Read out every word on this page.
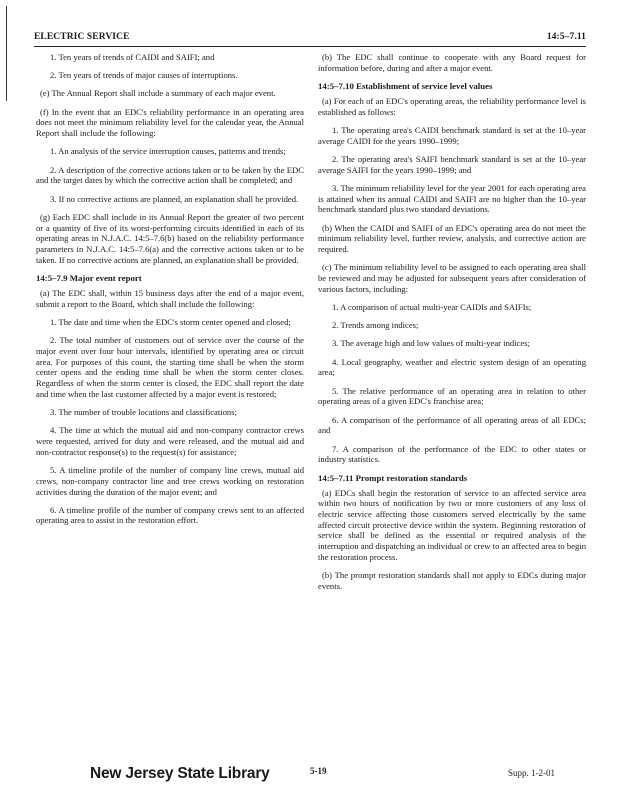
ELECTRIC SERVICE	14:5–7.11

1. Ten years of trends of CAIDI and SAIFI; and

2. Ten years of trends of major causes of interruptions.

(e) The Annual Report shall include a summary of each major event.

(f) In the event that an EDC's reliability performance in an operating area does not meet the minimum reliability level for the calendar year, the Annual Report shall include the following:

1. An analysis of the service interruption causes, patterns and trends;

2. A description of the corrective actions taken or to be taken by the EDC and the target dates by which the corrective action shall be completed; and

3. If no corrective actions are planned, an explanation shall be provided.

(g) Each EDC shall include in its Annual Report the greater of two percent or a quantity of five of its worst-performing circuits identified in each of its operating areas in N.J.A.C. 14:5–7.6(b) based on the reliability performance parameters in N.J.A.C. 14:5–7.6(a) and the corrective actions taken or to be taken. If no corrective actions are planned, an explanation shall be provided.

14:5–7.9 Major event report

(a) The EDC shall, within 15 business days after the end of a major event, submit a report to the Board, which shall include the following:

1. The date and time when the EDC's storm center opened and closed;

2. The total number of customers out of service over the course of the major event over four hour intervals, identified by operating area or circuit area. For purposes of this count, the starting time shall be when the storm center opens and the ending time shall be when the storm center closes. Regardless of when the storm center is closed, the EDC shall report the date and time when the last customer affected by a major event is restored;

3. The number of trouble locations and classifications;

4. The time at which the mutual aid and non-company contractor crews were requested, arrived for duty and were released, and the mutual aid and non-contractor response(s) to the request(s) for assistance;

5. A timeline profile of the number of company line crews, mutual aid crews, non-company contractor line and tree crews working on restoration activities during the duration of the major event; and

6. A timeline profile of the number of company crews sent to an affected operating area to assist in the restoration effort.

(b) The EDC shall continue to cooperate with any Board request for information before, during and after a major event.

14:5–7.10 Establishment of service level values

(a) For each of an EDC's operating areas, the reliability performance level is established as follows:

1. The operating area's CAIDI benchmark standard is set at the 10–year average CAIDI for the years 1990–1999;

2. The operating area's SAIFI benchmark standard is set at the 10–year average SAIFI for the years 1990–1999; and

3. The minimum reliability level for the year 2001 for each operating area is attained when its annual CAIDI and SAIFI are no higher than the 10–year benchmark standard plus two standard deviations.

(b) When the CAIDI and SAIFI of an EDC's operating area do not meet the minimum reliability level, further review, analysis, and corrective action are required.

(c) The minimum reliability level to be assigned to each operating area shall be reviewed and may be adjusted for subsequent years after consideration of various factors, including:

1. A comparison of actual multi-year CAIDIs and SAIFIs;

2. Trends among indices;

3. The average high and low values of multi-year indices;

4. Local geography, weather and electric system design of an operating area;

5. The relative performance of an operating area in relation to other operating areas of a given EDC's franchise area;

6. A comparison of the performance of all operating areas of all EDCs; and

7. A comparison of the performance of the EDC to other states or industry statistics.

14:5–7.11 Prompt restoration standards

(a) EDCs shall begin the restoration of service to an affected service area within two hours of notification by two or more customers of any loss of electric service affecting those customers served electrically by the same affected circuit protective device within the system. Beginning restoration of service shall be defined as the essential or required analysis of the interruption and dispatching an individual or crew to an affected area to begin the restoration process.

(b) The prompt restoration standards shall not apply to EDCs during major events.

New Jersey State Library	5-19	Supp. 1-2-01
